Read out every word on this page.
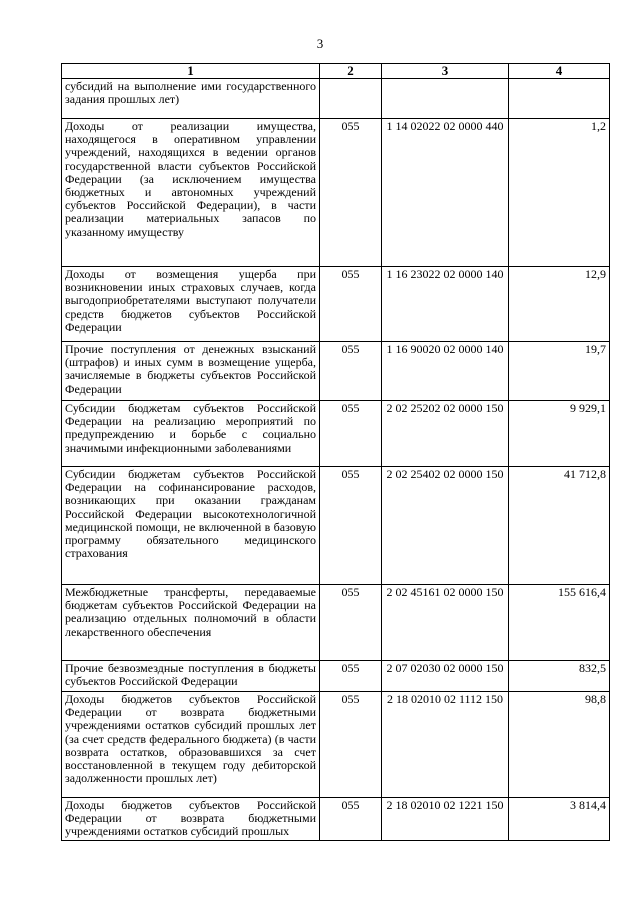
3
1	2	3	4
субсидий на выполнение ими государственного задания прошлых лет)			
Доходы от реализации имущества, находящегося в оперативном управлении учреждений, находящихся в ведении органов государственной власти субъектов Российской Федерации (за исключением имущества бюджетных и автономных учреждений субъектов Российской Федерации), в части реализации материальных запасов по указанному имуществу	055	1 14 02022 02 0000 440	1,2
Доходы от возмещения ущерба при возникновении иных страховых случаев, когда выгодоприобретателями выступают получатели средств бюджетов субъектов Российской Федерации	055	1 16 23022 02 0000 140	12,9
Прочие поступления от денежных взысканий (штрафов) и иных сумм в возмещение ущерба, зачисляемые в бюджеты субъектов Российской Федерации	055	1 16 90020 02 0000 140	19,7
Субсидии бюджетам субъектов Российской Федерации на реализацию мероприятий по предупреждению и борьбе с социально значимыми инфекционными заболеваниями	055	2 02 25202 02 0000 150	9 929,1
Субсидии бюджетам субъектов Российской Федерации на софинансирование расходов, возникающих при оказании гражданам Российской Федерации высокотехнологичной медицинской помощи, не включенной в базовую программу обязательного медицинского страхования	055	2 02 25402 02 0000 150	41 712,8
Межбюджетные трансферты, передаваемые бюджетам субъектов Российской Федерации на реализацию отдельных полномочий в области лекарственного обеспечения	055	2 02 45161 02 0000 150	155 616,4
Прочие безвозмездные поступления в бюджеты субъектов Российской Федерации	055	2 07 02030 02 0000 150	832,5
Доходы бюджетов субъектов Российской Федерации от возврата бюджетными учреждениями остатков субсидий прошлых лет (за счет средств федерального бюджета) (в части возврата остатков, образовавшихся за счет восстановленной в текущем году дебиторской задолженности прошлых лет)	055	2 18 02010 02 1112 150	98,8
Доходы бюджетов субъектов Российской Федерации от возврата бюджетными учреждениями остатков субсидий прошлых	055	2 18 02010 02 1221 150	3 814,4
